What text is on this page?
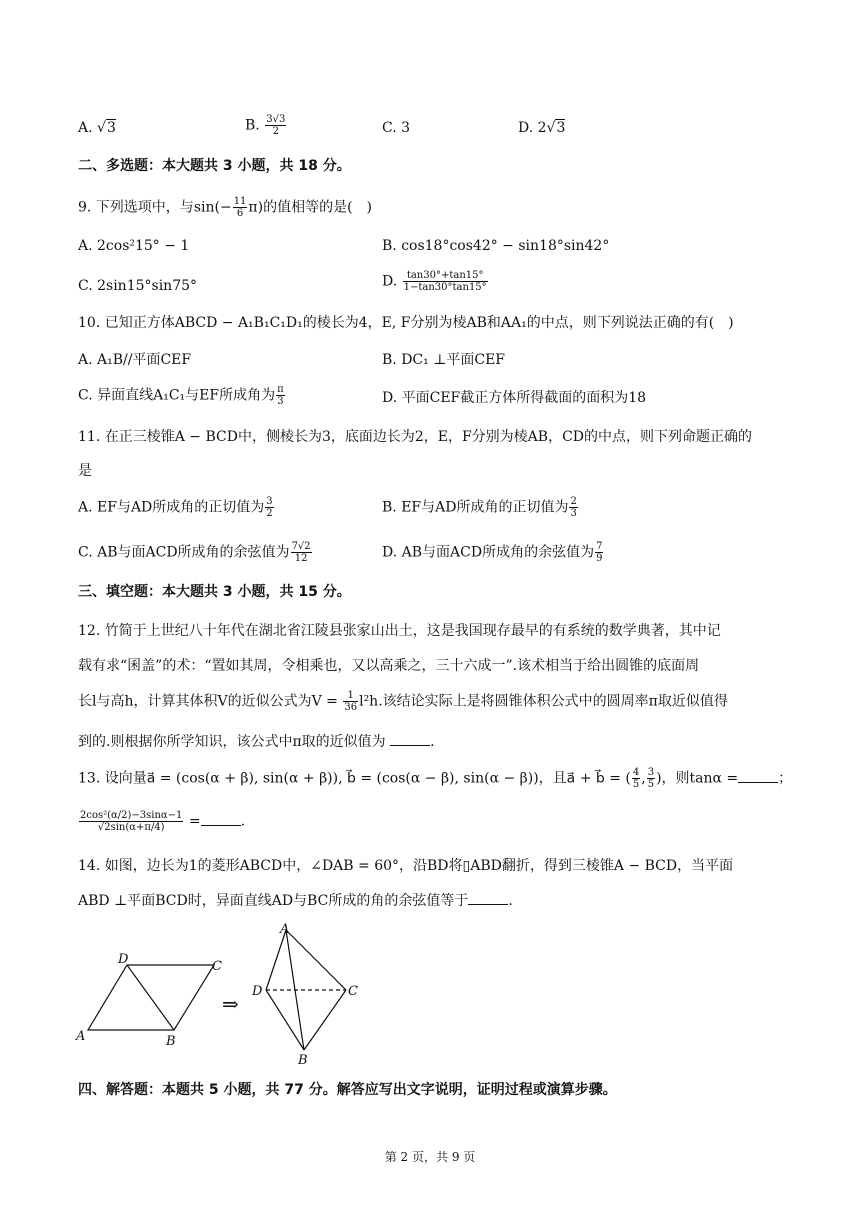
A. √3	B. $\frac{3√3}{2}$	C. 3	D. 2√3
二、多选题：本大题共 3 小题，共 18 分。
9. 下列选项中，与$\sin(- \frac{11}{6} \pi)$的值相等的是(　)
A. 2cos²15° − 1	B. cos18°cos42° − sin18°sin42°
C. 2sin15°sin75°	D. $\frac{\tan 30^\circ+\tan 15^\circ}{1-\tan 30^\circ\tan 15^\circ}$
10. 已知正方体ABCD − A₁B₁C₁D₁的棱长为4，E, F分别为棱AB和AA₁的中点，则下列说法正确的有(　)
A. A₁B//平面CEF	B. DC₁ ⊥平面CEF
C. 异面直线A₁C₁与EF所成角为 $\frac{\pi}{3}$	D. 平面CEF截正方体所得截面的面积为18
11. 在正三棱锥A − BCD中，侧棱长为3，底面边长为2，E，F分别为棱AB，CD的中点，则下列命题正确的
是
A. EF与AD所成角的正切值为 $\frac{3}{2}$	B. EF与AD所成角的正切值为 $\frac{2}{3}$
C. AB与面ACD所成角的余弦值为 $\frac{7√2}{12}$	D. AB与面ACD所成角的余弦值为 $\frac{7}{9}$
三、填空题：本大题共 3 小题，共 15 分。
12. 竹简于上世纪八十年代在湖北省江陵县张家山出土，这是我国现存最早的有系统的数学典著，其中记
载有求“囷盖”的术：“置如其周，令相乘也，又以高乘之，三十六成一”.该术相当于给出圆锥的底面周
长l与高h，计算其体积V的近似公式为$V = \frac{1}{36} l^2h$.该结论实际上是将圆锥体积公式中的圆周率π取近似值得
到的.则根据你所学知识，该公式中π取的近似值为	.
13. 设向量a⃗ = (cos(α + β), sin(α + β)), b⃗ = (cos(α − β), sin(α − β))，且a⃗ + b⃗ = ( $\frac{4}{5}$ , $\frac{3}{5}$ )，则tanα =	；
$\frac{\text{2cos²(α/2)−3sinα−1}}{√2\sin(\alpha+\pi/4)}$ =	.
14. 如图，边长为1的菱形ABCD中，∠DAB = 60°，沿BD将▯ABD翻折，得到三棱锥A − BCD，当平面
ABD ⊥平面BCD时，异面直线AD与BC所成的角的余弦值等于	.
A
D	C
B
⇒
A
D	C
B
四、解答题：本题共 5 小题，共 77 分。解答应写出文字说明，证明过程或演算步骤。
第 2 页，共 9 页
